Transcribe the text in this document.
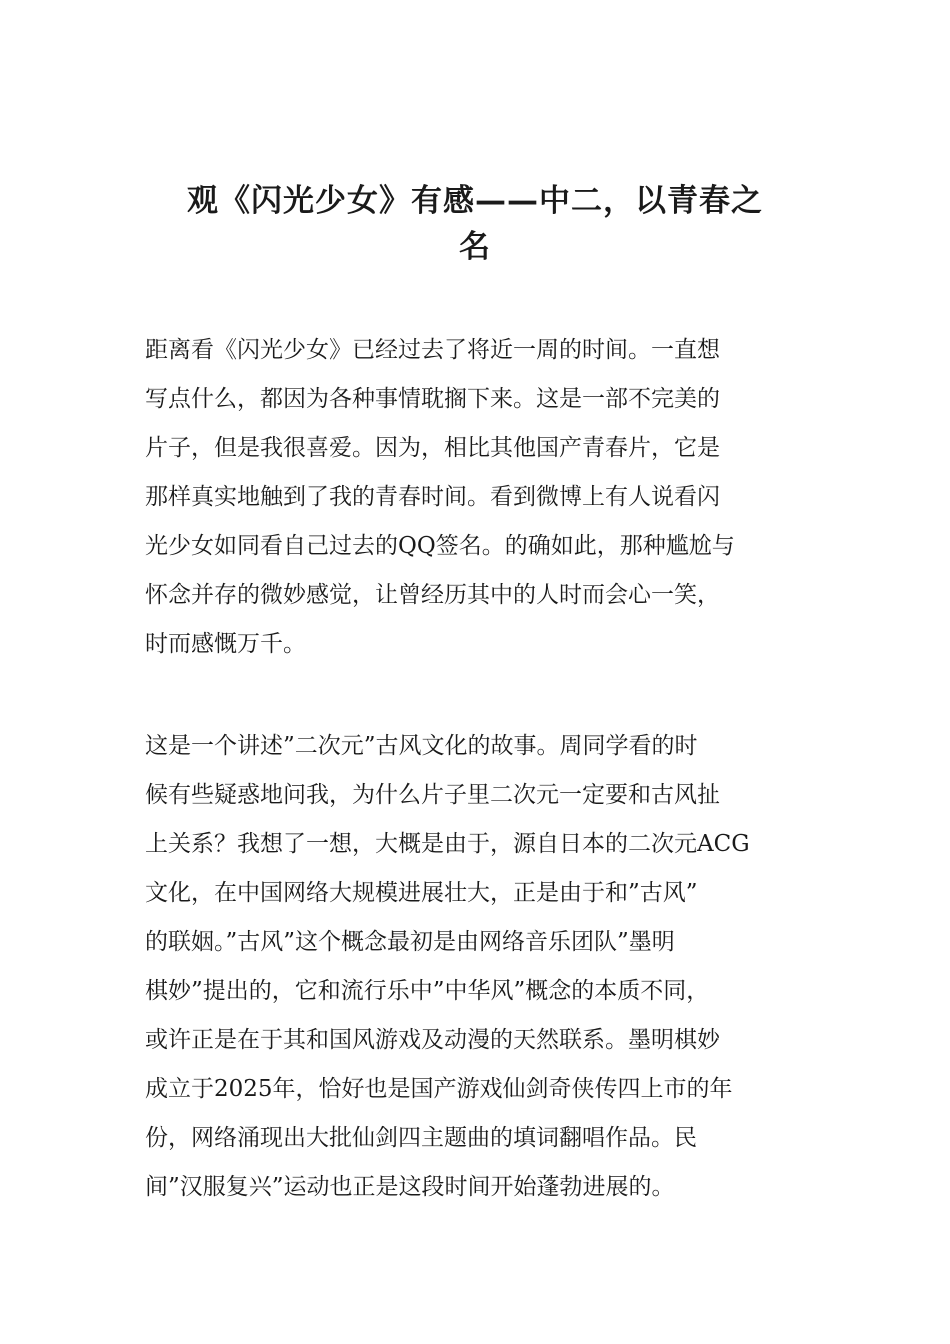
观《闪光少女》有感——中二，以青春之
名
距离看《闪光少女》已经过去了将近一周的时间。一直想
写点什么，都因为各种事情耽搁下来。这是一部不完美的
片子，但是我很喜爱。因为，相比其他国产青春片，它是
那样真实地触到了我的青春时间。看到微博上有人说看闪
光少女如同看自己过去的QQ签名。的确如此，那种尴尬与
怀念并存的微妙感觉，让曾经历其中的人时而会心一笑，
时而感慨万千。
这是一个讲述”二次元”古风文化的故事。周同学看的时
候有些疑惑地问我，为什么片子里二次元一定要和古风扯
上关系？我想了一想，大概是由于，源自日本的二次元ACG
文化，在中国网络大规模进展壮大，正是由于和”古风”
的联姻。”古风”这个概念最初是由网络音乐团队”墨明
棋妙”提出的，它和流行乐中”中华风”概念的本质不同，
或许正是在于其和国风游戏及动漫的天然联系。墨明棋妙
成立于2025年，恰好也是国产游戏仙剑奇侠传四上市的年
份，网络涌现出大批仙剑四主题曲的填词翻唱作品。民
间”汉服复兴”运动也正是这段时间开始蓬勃进展的。
